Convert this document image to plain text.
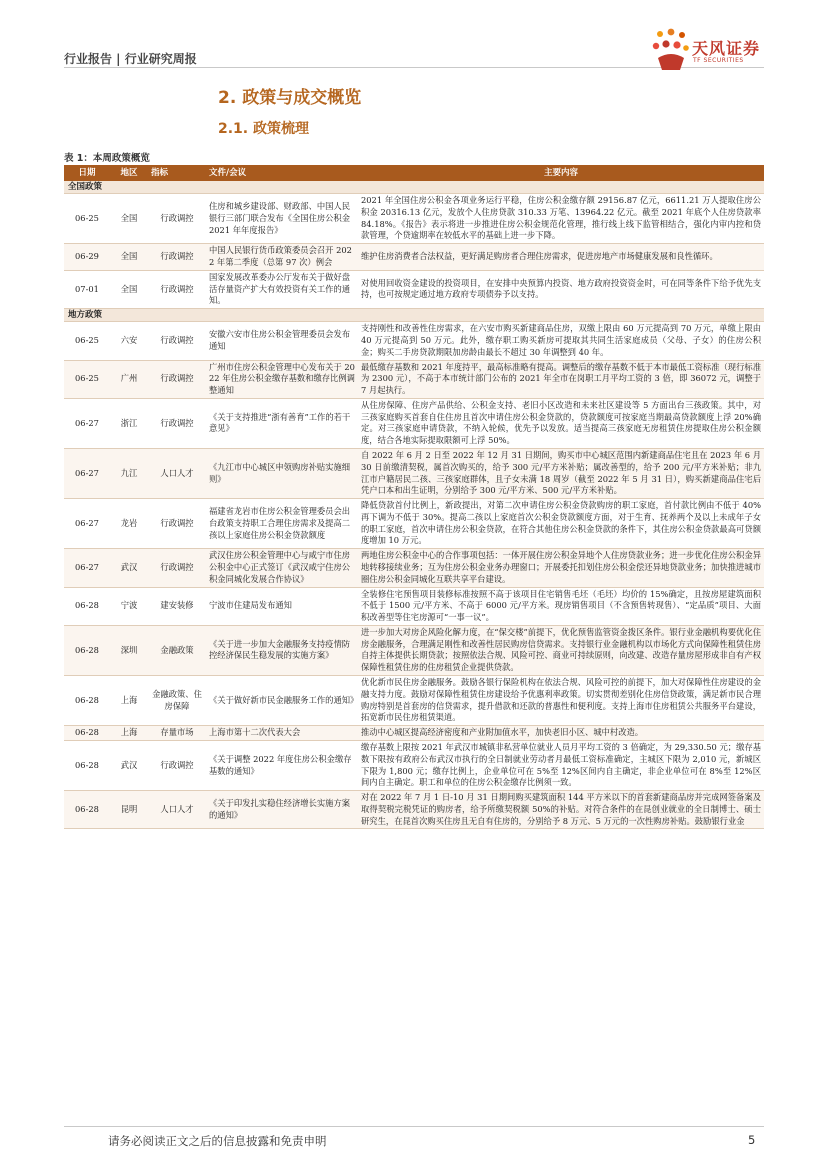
行业报告 | 行业研究周报
天风证券
TF SECURITIES
2. 政策与成交概览
2.1. 政策梳理
表 1：本周政策概览
日期	地区	指标	文件/会议	主要内容
全国政策				
06-25	全国	行政调控	住房和城乡建设部、财政部、中国人民银行三部门联合发布《全国住房公积金 2021 年年度报告》	2021 年全国住房公积金各项业务运行平稳，住房公积金缴存额 29156.87 亿元，6611.21 万人提取住房公积金 20316.13 亿元，发放个人住房贷款 310.33 万笔、13964.22 亿元。截至 2021 年底个人住房贷款率 84.18%。《报告》表示将进一步推进住房公积金规范化管理，推行线上线下监管相结合，强化内审内控和贷款管理，个贷逾期率在较低水平的基础上进一步下降。
06-29	全国	行政调控	中国人民银行货币政策委员会召开 2022 年第二季度（总第 97 次）例会	维护住房消费者合法权益，更好满足购房者合理住房需求，促进房地产市场健康发展和良性循环。
07-01	全国	行政调控	国家发展改革委办公厅发布关于做好盘活存量资产扩大有效投资有关工作的通知。	对使用回收资金建设的投资项目，在安排中央预算内投资、地方政府投资资金时，可在同等条件下给予优先支持，也可按规定通过地方政府专项债券予以支持。
地方政策				
06-25	六安	行政调控	安徽六安市住房公积金管理委员会发布通知	支持刚性和改善性住房需求，在六安市购买新建商品住房，双缴上限由 60 万元提高到 70 万元，单缴上限由 40 万元提高到 50 万元。此外，缴存职工购买新房可提取其共同生活家庭成员（父母、子女）的住房公积金；购买二手房贷款期限加房龄由最长不超过 30 年调整到 40 年。
06-25	广州	行政调控	广州市住房公积金管理中心发布关于 2022 年住房公积金缴存基数和缴存比例调整通知	最低缴存基数和 2021 年度持平，最高标准略有提高。调整后的缴存基数不低于本市最低工资标准（现行标准为 2300 元），不高于本市统计部门公布的 2021 年全市在岗职工月平均工资的 3 倍，即 36072 元，调整于 7 月起执行。
06-27	浙江	行政调控	《关于支持推进“浙有善育”工作的若干意见》	从住房保障、住房产品供给、公积金支持、老旧小区改造和未来社区建设等 5 方面出台三孩政策。其中，对三孩家庭购买首套自住住房且首次申请住房公积金贷款的，贷款额度可按家庭当期最高贷款额度上浮 20%确定。对三孩家庭申请贷款，不纳入轮候，优先予以发放。适当提高三孩家庭无房租赁住房提取住房公积金额度，结合各地实际提取限额可上浮 50%。
06-27	九江	人口人才	《九江市中心城区申领购房补贴实施细则》	自 2022 年 6 月 2 日至 2022 年 12 月 31 日期间，购买市中心城区范围内新建商品住宅且在 2023 年 6 月 30 日前缴清契税，属首次购买的，给予 300 元/平方米补贴；属改善型的，给予 200 元/平方米补贴；非九江市户籍居民二孩、三孩家庭群体，且子女未满 18 周岁（截至 2022 年 5 月 31 日），购买新建商品住宅后凭户口本和出生证明，分别给予 300 元/平方米、500 元/平方米补贴。
06-27	龙岩	行政调控	福建省龙岩市住房公积金管理委员会出台政策支持职工合理住房需求及提高二孩以上家庭住房公积金贷款额度	降低贷款首付比例上，新政提出，对第二次申请住房公积金贷款购房的职工家庭，首付款比例由不低于 40%再下调为不低于 30%。提高二孩以上家庭首次公积金贷款额度方面，对于生育、抚养两个及以上未成年子女的职工家庭，首次申请住房公积金贷款，在符合其他住房公积金贷款的条件下，其住房公积金贷款最高可贷额度增加 10 万元。
06-27	武汉	行政调控	武汉住房公积金管理中心与咸宁市住房公积金中心正式签订《武汉咸宁住房公积金同城化发展合作协议》	两地住房公积金中心的合作事项包括：一体开展住房公积金异地个人住房贷款业务；进一步优化住房公积金异地转移接续业务；互为住房公积金业务办理窗口；开展委托扣划住房公积金偿还异地贷款业务；加快推进城市圈住房公积金同城化互联共享平台建设。
06-28	宁波	建安装修	宁波市住建局发布通知	全装修住宅预售项目装修标准按照不高于该项目住宅销售毛坯（毛坯）均价的 15%确定，且按房屋建筑面积不低于 1500 元/平方米、不高于 6000 元/平方米。现房销售项目（不含预售转现售）、“定品质”项目、大面积改善型等住宅房源可“一事一议”。
06-28	深圳	金融政策	《关于进一步加大金融服务支持疫情防控经济保民生稳发展的实施方案》	进一步加大对房企风险化解力度，在“保交楼”前提下，优化预售监管资金拨区条件。银行业金融机构要优化住房金融服务，合理满足刚性和改善性居民购房信贷需求。支持银行业金融机构以市场化方式向保障性租赁住房自持主体提供长期贷款；按照依法合规、风险可控、商业可持续原则，向改建、改造存量房屋形成非自有产权保障性租赁住房的住房租赁企业提供贷款。
06-28	上海	金融政策、住房保障	《关于做好新市民金融服务工作的通知》	优化新市民住房金融服务。鼓励各银行保险机构在依法合规、风险可控的前提下，加大对保障性住房建设的金融支持力度。鼓励对保障性租赁住房建设给予优惠利率政策。切实贯彻差别化住房信贷政策，满足新市民合理购房特别是首套房的信贷需求，提升借款和还款的普惠性和便利度。支持上海市住房租赁公共服务平台建设，拓宽新市民住房租赁渠道。
06-28	上海	存量市场	上海市第十二次代表大会	推动中心城区提高经济密度和产业附加值水平，加快老旧小区、城中村改造。
06-28	武汉	行政调控	《关于调整 2022 年度住房公积金缴存基数的通知》	缴存基数上限按 2021 年武汉市城镇非私营单位就业人员月平均工资的 3 倍确定，为 29,330.50 元；缴存基数下限按有政府公布武汉市执行的全日制就业劳动者月最低工资标准确定，主城区下限为 2,010 元，新城区下限为 1,800 元；缴存比例上，企业单位可在 5%至 12%区间内自主确定，非企业单位可在 8%至 12%区间内自主确定。职工和单位的住房公积金缴存比例须一致。
06-28	昆明	人口人才	《关于印发扎实稳住经济增长实施方案的通知》	对在 2022 年 7 月 1 日-10 月 31 日期间购买建筑面积 144 平方米以下的首套新建商品房并完成网签备案及取得契税完税凭证的购房者，给予所缴契税额 50%的补贴。对符合条件的在昆创业就业的全日制博士、硕士研究生，在昆首次购买住房且无自有住房的，分别给予 8 万元、5 万元的一次性购房补贴。鼓励银行业金
请务必阅读正文之后的信息披露和免责申明	5
